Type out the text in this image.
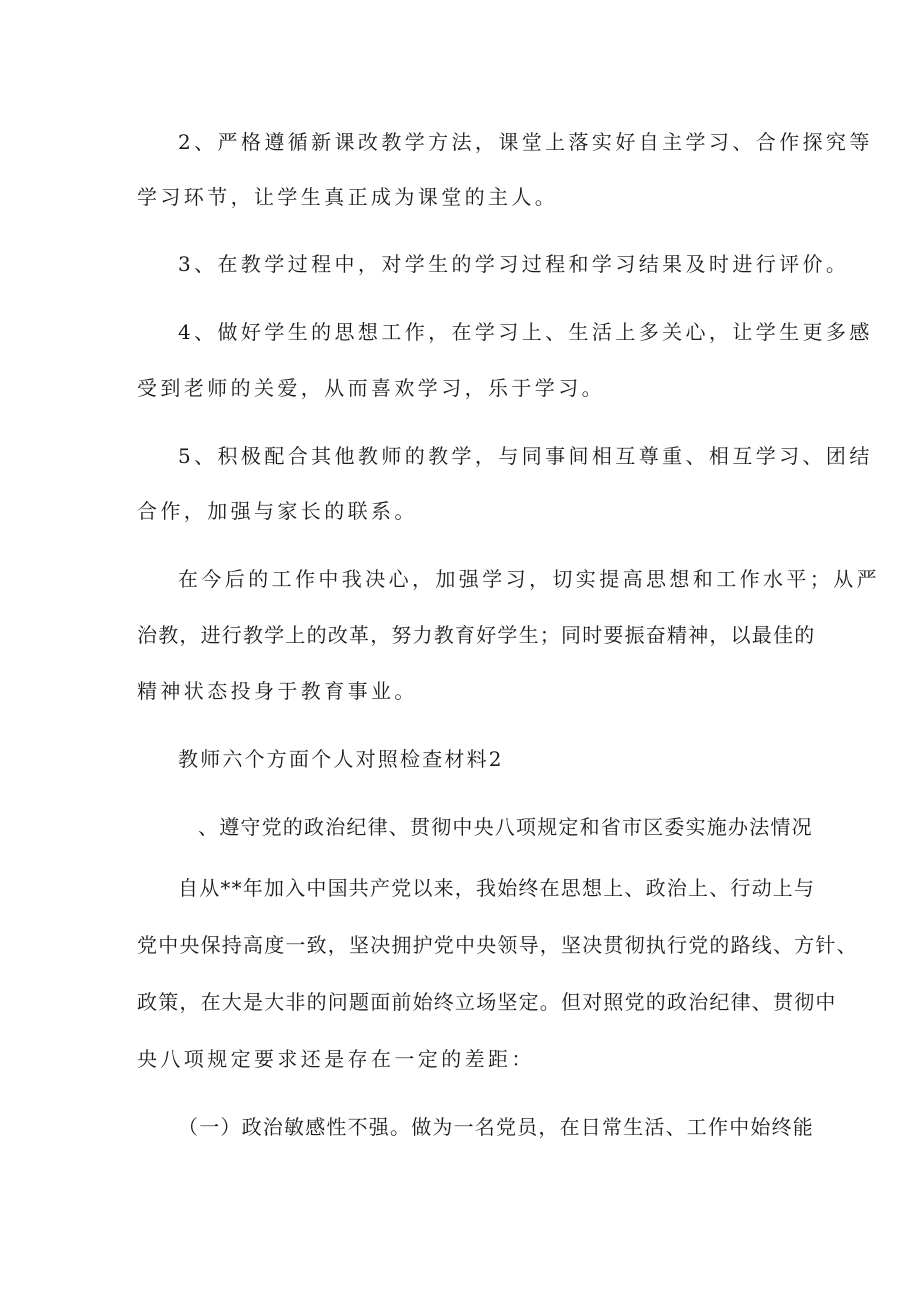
2、严格遵循新课改教学方法，课堂上落实好自主学习、合作探究等
学习环节，让学生真正成为课堂的主人。
3、在教学过程中，对学生的学习过程和学习结果及时进行评价。
4、做好学生的思想工作，在学习上、生活上多关心，让学生更多感
受到老师的关爱，从而喜欢学习，乐于学习。
5、积极配合其他教师的教学，与同事间相互尊重、相互学习、团结
合作，加强与家长的联系。
在今后的工作中我决心，加强学习，切实提高思想和工作水平；从严
治教，进行教学上的改革，努力教育好学生；同时要振奋精神，以最佳的
精神状态投身于教育事业。
教师六个方面个人对照检查材料2
、遵守党的政治纪律、贯彻中央八项规定和省市区委实施办法情况
自从**年加入中国共产党以来，我始终在思想上、政治上、行动上与
党中央保持高度一致，坚决拥护党中央领导，坚决贯彻执行党的路线、方针、
政策，在大是大非的问题面前始终立场坚定。但对照党的政治纪律、贯彻中
央八项规定要求还是存在一定的差距：
（一）政治敏感性不强。做为一名党员，在日常生活、工作中始终能
